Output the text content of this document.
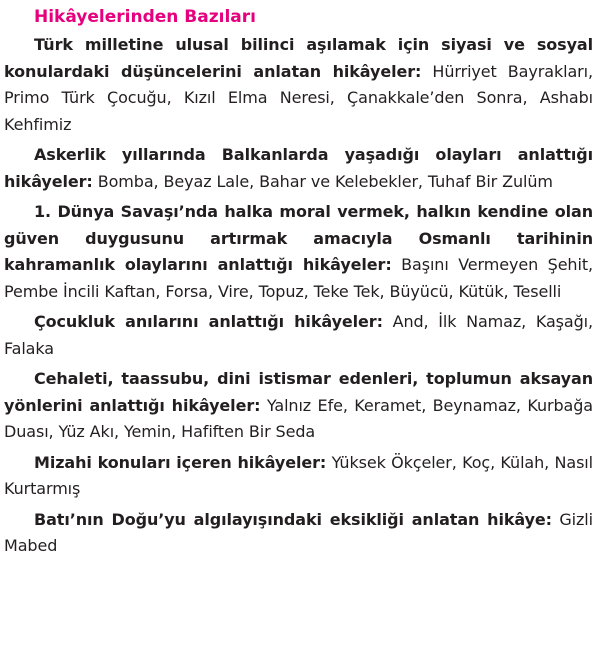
Hikâyelerinden Bazıları

Türk milletine ulusal bilinci aşılamak için siyasi ve sosyal konulardaki düşüncelerini anlatan hikâyeler: Hürriyet Bayrakları, Primo Türk Çocuğu, Kızıl Elma Neresi, Çanakkale’den Sonra, Ashabı Kehfimiz

Askerlik yıllarında Balkanlarda yaşadığı olayları anlattığı hikâyeler: Bomba, Beyaz Lale, Bahar ve Kelebekler, Tuhaf Bir Zulüm

1. Dünya Savaşı’nda halka moral vermek, halkın kendine olan güven duygusunu artırmak amacıyla Osmanlı tarihinin kahramanlık olaylarını anlattığı hikâyeler: Başını Vermeyen Şehit, Pembe İncili Kaftan, Forsa, Vire, Topuz, Teke Tek, Büyücü, Kütük, Teselli

Çocukluk anılarını anlattığı hikâyeler: And, İlk Namaz, Kaşağı, Falaka

Cehaleti, taassubu, dini istismar edenleri, toplumun aksayan yönlerini anlattığı hikâyeler: Yalnız Efe, Keramet, Beynamaz, Kurbağa Duası, Yüz Akı, Yemin, Hafiften Bir Seda

Mizahi konuları içeren hikâyeler: Yüksek Ökçeler, Koç, Külah, Nasıl Kurtarmış

Batı’nın Doğu’yu algılayışındaki eksikliği anlatan hikâye: Gizli Mabed
